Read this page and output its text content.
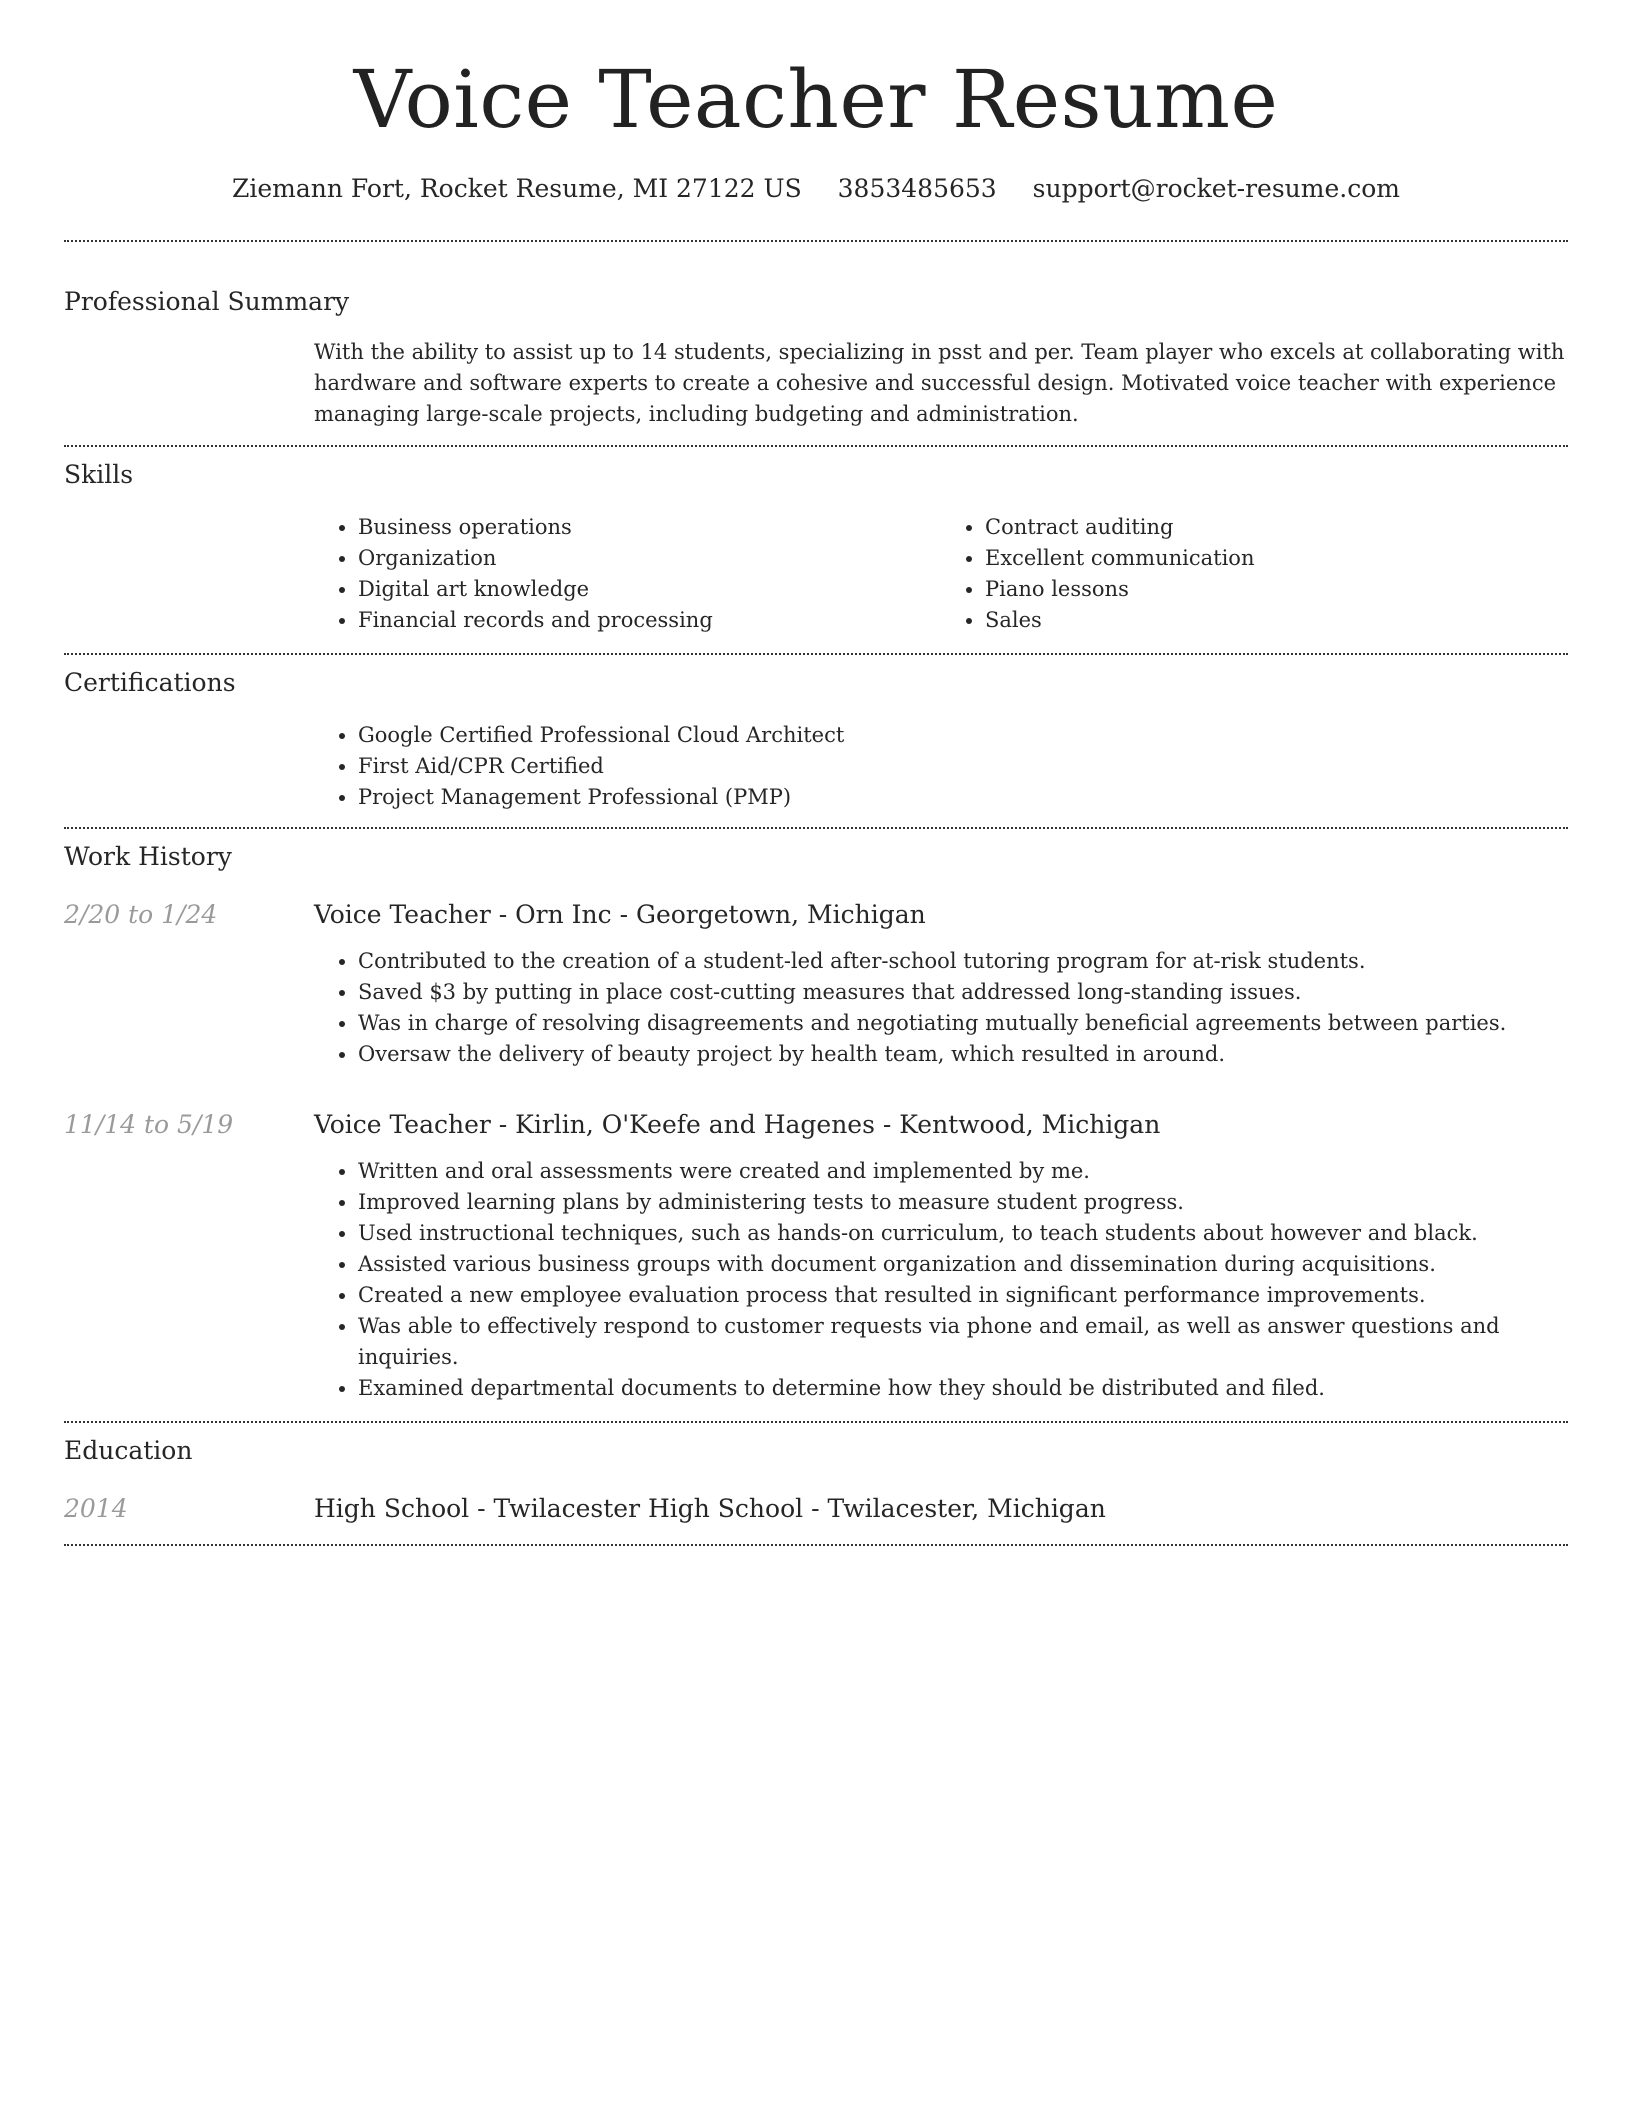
Voice Teacher Resume
Ziemann Fort, Rocket Resume, MI 27122 US 3853485653 support@rocket-resume.com
Professional Summary

With the ability to assist up to 14 students, specializing in psst and per. Team player who excels at collaborating with hardware and software experts to create a cohesive and successful design. Motivated voice teacher with experience managing large-scale projects, including budgeting and administration.

Skills
• Business operations
• Organization
• Digital art knowledge
• Financial records and processing
• Contract auditing
• Excellent communication
• Piano lessons
• Sales
Certifications
• Google Certified Professional Cloud Architect
• First Aid/CPR Certified
• Project Management Professional (PMP)
Work History
2/20 to 1/24	Voice Teacher - Orn Inc - Georgetown, Michigan
• Contributed to the creation of a student-led after-school tutoring program for at-risk students.
• Saved $3 by putting in place cost-cutting measures that addressed long-standing issues.
• Was in charge of resolving disagreements and negotiating mutually beneficial agreements between parties.
• Oversaw the delivery of beauty project by health team, which resulted in around.
11/14 to 5/19	Voice Teacher - Kirlin, O'Keefe and Hagenes - Kentwood, Michigan
• Written and oral assessments were created and implemented by me.
• Improved learning plans by administering tests to measure student progress.
• Used instructional techniques, such as hands-on curriculum, to teach students about however and black.
• Assisted various business groups with document organization and dissemination during acquisitions.
• Created a new employee evaluation process that resulted in significant performance improvements.
• Was able to effectively respond to customer requests via phone and email, as well as answer questions and inquiries.
• Examined departmental documents to determine how they should be distributed and filed.
Education
2014	High School - Twilacester High School - Twilacester, Michigan
